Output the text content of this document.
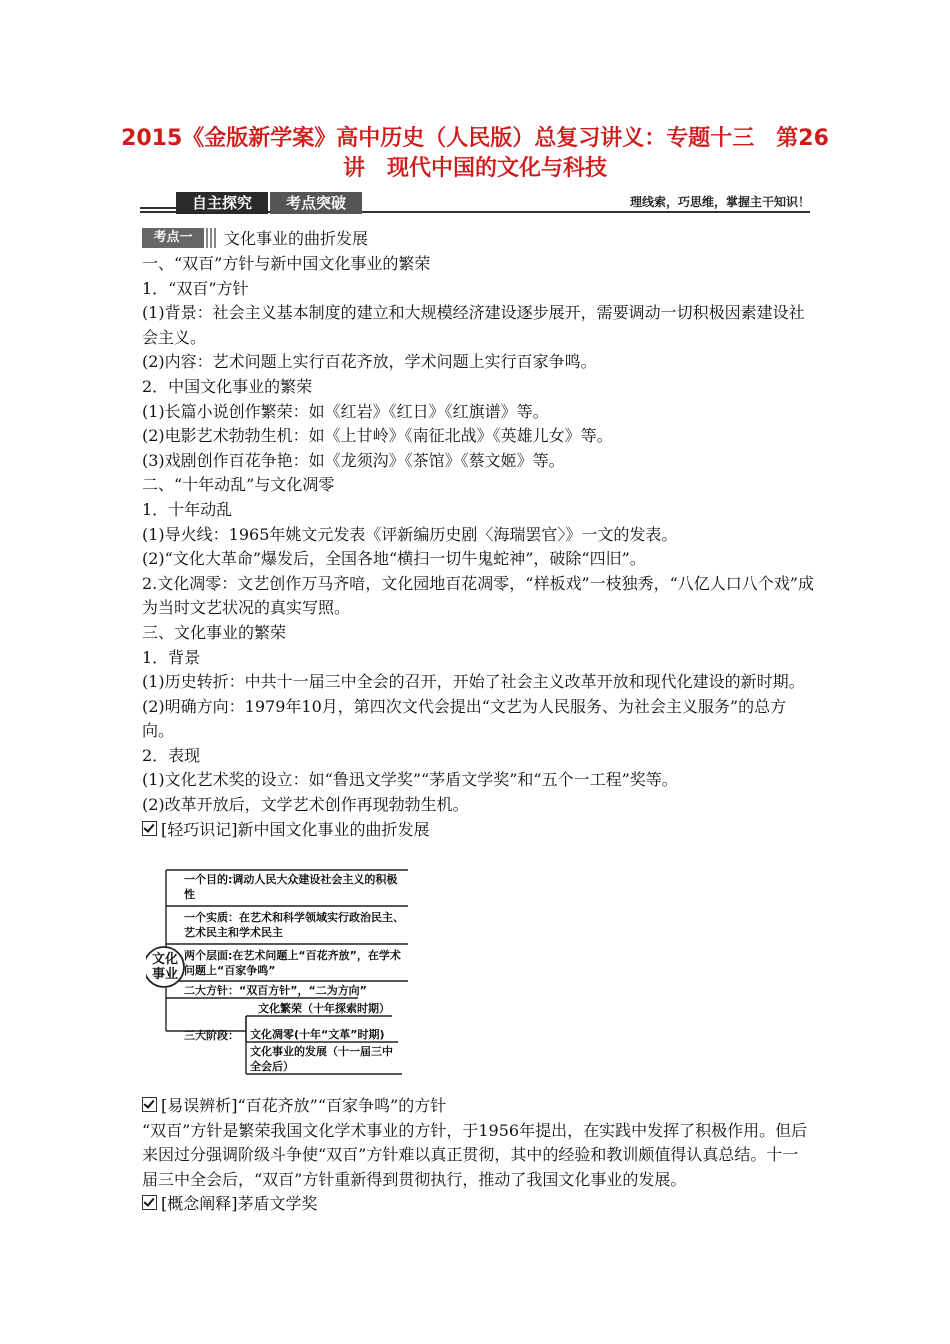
2015《金版新学案》高中历史（人民版）总复习讲义：专题十三　第26
讲　现代中国的文化与科技
自主探究	考点突破	理线索，巧思维，掌握主干知识！
考点一	文化事业的曲折发展

一、“双百”方针与新中国文化事业的繁荣

1．“双百”方针

(1)背景：社会主义基本制度的建立和大规模经济建设逐步展开，需要调动一切积极因素建设社会主义。

(2)内容：艺术问题上实行百花齐放，学术问题上实行百家争鸣。

2．中国文化事业的繁荣

(1)长篇小说创作繁荣：如《红岩》《红日》《红旗谱》等。

(2)电影艺术勃勃生机：如《上甘岭》《南征北战》《英雄儿女》等。

(3)戏剧创作百花争艳：如《龙须沟》《茶馆》《蔡文姬》等。

二、“十年动乱”与文化凋零

1．十年动乱

(1)导火线：1965年姚文元发表《评新编历史剧〈海瑞罢官〉》一文的发表。

(2)“文化大革命”爆发后，全国各地“横扫一切牛鬼蛇神”，破除“四旧”。

2.文化凋零：文艺创作万马齐喑，文化园地百花凋零，“样板戏”一枝独秀，“八亿人口八个戏”成为当时文艺状况的真实写照。

三、文化事业的繁荣

1．背景

(1)历史转折：中共十一届三中全会的召开，开始了社会主义改革开放和现代化建设的新时期。

(2)明确方向：1979年10月，第四次文代会提出“文艺为人民服务、为社会主义服务”的总方向。

2．表现

(1)文化艺术奖的设立：如“鲁迅文学奖”“茅盾文学奖”和“五个一工程”奖等。

(2)改革开放后，文学艺术创作再现勃勃生机。

[轻巧识记]新中国文化事业的曲折发展

文化
事业
一个目的:调动人民大众建设社会主义的积极性
一个实质：在艺术和科学领域实行政治民主、艺术民主和学术民主
两个层面:在艺术问题上“百花齐放”，在学术问题上“百家争鸣”
二大方针：“双百方针”，“二为方向”
三大阶段：
文化繁荣（十年探索时期）
文化凋零(十年“文革”时期)
文化事业的发展（十一届三中全会后）

[易误辨析]“百花齐放”“百家争鸣”的方针

“双百”方针是繁荣我国文化学术事业的方针，于1956年提出，在实践中发挥了积极作用。但后来因过分强调阶级斗争使“双百”方针难以真正贯彻，其中的经验和教训颇值得认真总结。十一届三中全会后，“双百”方针重新得到贯彻执行，推动了我国文化事业的发展。

[概念阐释]茅盾文学奖
